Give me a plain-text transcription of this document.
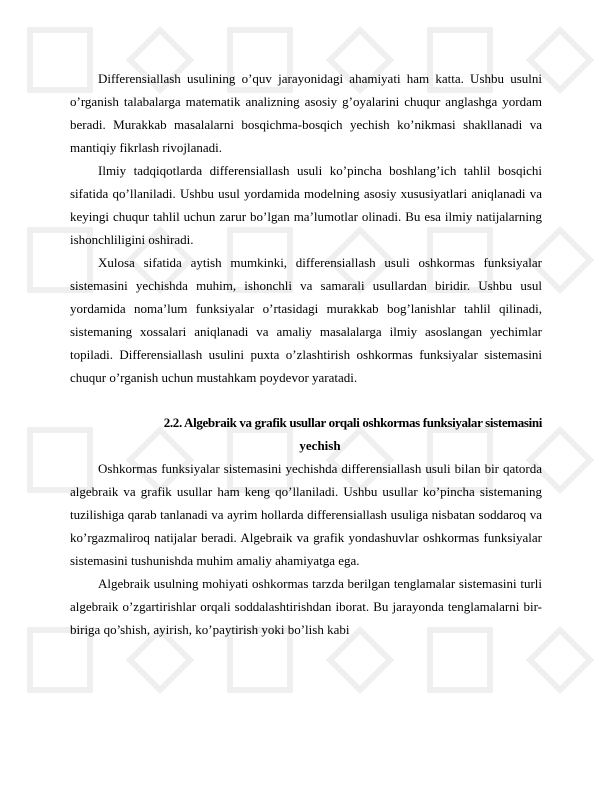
Differensiallash usulining o’quv jarayonidagi ahamiyati ham katta. Ushbu usulni o’rganish talabalarga matematik analizning asosiy g’oyalarini chuqur anglashga yordam beradi. Murakkab masalalarni bosqichma-bosqich yechish ko’nikmasi shakllanadi va mantiqiy fikrlash rivojlanadi.

Ilmiy tadqiqotlarda differensiallash usuli ko’pincha boshlang’ich tahlil bosqichi sifatida qo’llaniladi. Ushbu usul yordamida modelning asosiy xususiyatlari aniqlanadi va keyingi chuqur tahlil uchun zarur bo’lgan ma’lumotlar olinadi. Bu esa ilmiy natijalarning ishonchliligini oshiradi.

Xulosa sifatida aytish mumkinki, differensiallash usuli oshkormas funksiyalar sistemasini yechishda muhim, ishonchli va samarali usullardan biridir. Ushbu usul yordamida noma’lum funksiyalar o’rtasidagi murakkab bog’lanishlar tahlil qilinadi, sistemaning xossalari aniqlanadi va amaliy masalalarga ilmiy asoslangan yechimlar topiladi. Differensiallash usulini puxta o’zlashtirish oshkormas funksiyalar sistemasini chuqur o’rganish uchun mustahkam poydevor yaratadi.

2.2. Algebraik va grafik usullar orqali oshkormas funksiyalar sistemasini
yechish

Oshkormas funksiyalar sistemasini yechishda differensiallash usuli bilan bir qatorda algebraik va grafik usullar ham keng qo’llaniladi. Ushbu usullar ko’pincha sistemaning tuzilishiga qarab tanlanadi va ayrim hollarda differensiallash usuliga nisbatan soddaroq va ko’rgazmaliroq natijalar beradi. Algebraik va grafik yondashuvlar oshkormas funksiyalar sistemasini tushunishda muhim amaliy ahamiyatga ega.

Algebraik usulning mohiyati oshkormas tarzda berilgan tenglamalar sistemasini turli algebraik o’zgartirishlar orqali soddalashtirishdan iborat. Bu jarayonda tenglamalarni bir-biriga qo’shish, ayirish, ko’paytirish yoki bo’lish kabi
